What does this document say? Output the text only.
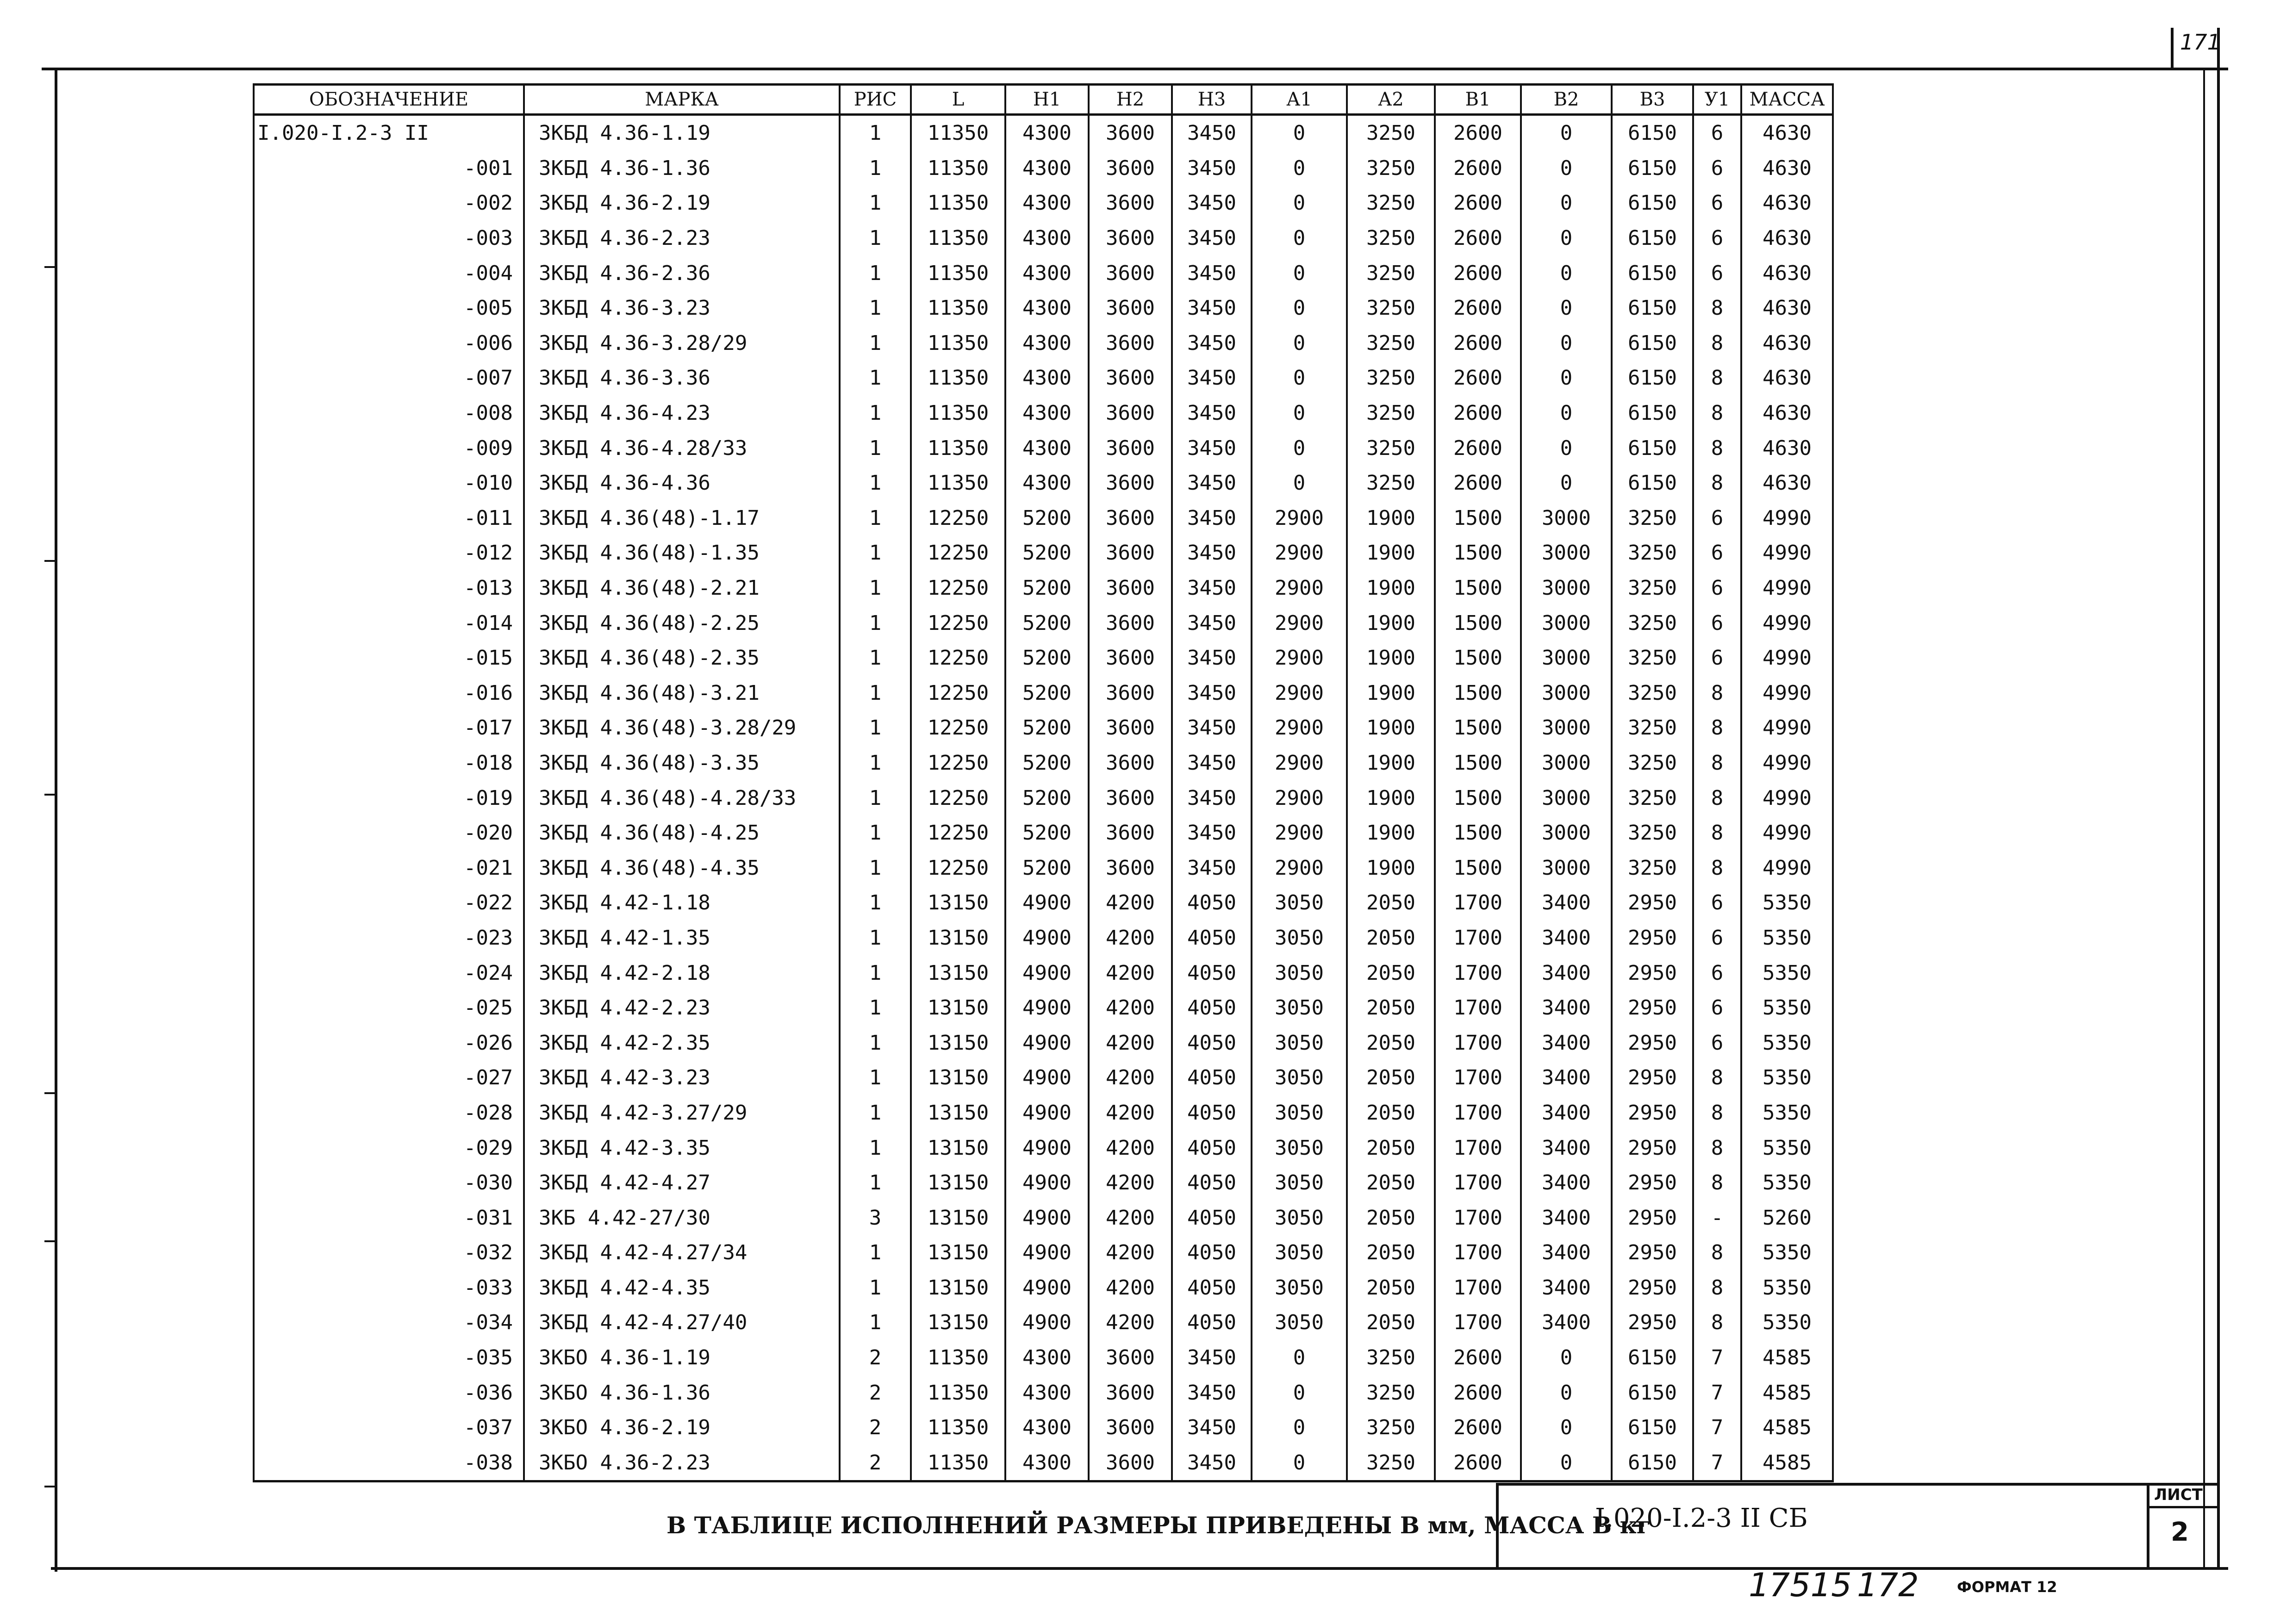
171
ОБОЗНАЧЕНИЕ	МАРКА	РИС	L	Н1	Н2	Н3	А1	А2	В1	В2	В3	У1	МАССА
I.020-I.2-3 II	ЗКБД 4.36-1.19	1	11350	4300	3600	3450	0	3250	2600	0	6150	6	4630
-001	ЗКБД 4.36-1.36	1	11350	4300	3600	3450	0	3250	2600	0	6150	6	4630
-002	ЗКБД 4.36-2.19	1	11350	4300	3600	3450	0	3250	2600	0	6150	6	4630
-003	ЗКБД 4.36-2.23	1	11350	4300	3600	3450	0	3250	2600	0	6150	6	4630
-004	ЗКБД 4.36-2.36	1	11350	4300	3600	3450	0	3250	2600	0	6150	6	4630
-005	ЗКБД 4.36-3.23	1	11350	4300	3600	3450	0	3250	2600	0	6150	8	4630
-006	ЗКБД 4.36-3.28/29	1	11350	4300	3600	3450	0	3250	2600	0	6150	8	4630
-007	ЗКБД 4.36-3.36	1	11350	4300	3600	3450	0	3250	2600	0	6150	8	4630
-008	ЗКБД 4.36-4.23	1	11350	4300	3600	3450	0	3250	2600	0	6150	8	4630
-009	ЗКБД 4.36-4.28/33	1	11350	4300	3600	3450	0	3250	2600	0	6150	8	4630
-010	ЗКБД 4.36-4.36	1	11350	4300	3600	3450	0	3250	2600	0	6150	8	4630
-011	ЗКБД 4.36(48)-1.17	1	12250	5200	3600	3450	2900	1900	1500	3000	3250	6	4990
-012	ЗКБД 4.36(48)-1.35	1	12250	5200	3600	3450	2900	1900	1500	3000	3250	6	4990
-013	ЗКБД 4.36(48)-2.21	1	12250	5200	3600	3450	2900	1900	1500	3000	3250	6	4990
-014	ЗКБД 4.36(48)-2.25	1	12250	5200	3600	3450	2900	1900	1500	3000	3250	6	4990
-015	ЗКБД 4.36(48)-2.35	1	12250	5200	3600	3450	2900	1900	1500	3000	3250	6	4990
-016	ЗКБД 4.36(48)-3.21	1	12250	5200	3600	3450	2900	1900	1500	3000	3250	8	4990
-017	ЗКБД 4.36(48)-3.28/29	1	12250	5200	3600	3450	2900	1900	1500	3000	3250	8	4990
-018	ЗКБД 4.36(48)-3.35	1	12250	5200	3600	3450	2900	1900	1500	3000	3250	8	4990
-019	ЗКБД 4.36(48)-4.28/33	1	12250	5200	3600	3450	2900	1900	1500	3000	3250	8	4990
-020	ЗКБД 4.36(48)-4.25	1	12250	5200	3600	3450	2900	1900	1500	3000	3250	8	4990
-021	ЗКБД 4.36(48)-4.35	1	12250	5200	3600	3450	2900	1900	1500	3000	3250	8	4990
-022	ЗКБД 4.42-1.18	1	13150	4900	4200	4050	3050	2050	1700	3400	2950	6	5350
-023	ЗКБД 4.42-1.35	1	13150	4900	4200	4050	3050	2050	1700	3400	2950	6	5350
-024	ЗКБД 4.42-2.18	1	13150	4900	4200	4050	3050	2050	1700	3400	2950	6	5350
-025	ЗКБД 4.42-2.23	1	13150	4900	4200	4050	3050	2050	1700	3400	2950	6	5350
-026	ЗКБД 4.42-2.35	1	13150	4900	4200	4050	3050	2050	1700	3400	2950	6	5350
-027	ЗКБД 4.42-3.23	1	13150	4900	4200	4050	3050	2050	1700	3400	2950	8	5350
-028	ЗКБД 4.42-3.27/29	1	13150	4900	4200	4050	3050	2050	1700	3400	2950	8	5350
-029	ЗКБД 4.42-3.35	1	13150	4900	4200	4050	3050	2050	1700	3400	2950	8	5350
-030	ЗКБД 4.42-4.27	1	13150	4900	4200	4050	3050	2050	1700	3400	2950	8	5350
-031	ЗКБ 4.42-27/30	3	13150	4900	4200	4050	3050	2050	1700	3400	2950	-	5260
-032	ЗКБД 4.42-4.27/34	1	13150	4900	4200	4050	3050	2050	1700	3400	2950	8	5350
-033	ЗКБД 4.42-4.35	1	13150	4900	4200	4050	3050	2050	1700	3400	2950	8	5350
-034	ЗКБД 4.42-4.27/40	1	13150	4900	4200	4050	3050	2050	1700	3400	2950	8	5350
-035	ЗКБО 4.36-1.19	2	11350	4300	3600	3450	0	3250	2600	0	6150	7	4585
-036	ЗКБО 4.36-1.36	2	11350	4300	3600	3450	0	3250	2600	0	6150	7	4585
-037	ЗКБО 4.36-2.19	2	11350	4300	3600	3450	0	3250	2600	0	6150	7	4585
-038	ЗКБО 4.36-2.23	2	11350	4300	3600	3450	0	3250	2600	0	6150	7	4585
В ТАБЛИЦЕ ИСПОЛНЕНИЙ РАЗМЕРЫ ПРИВЕДЕНЫ В мм, МАССА В кг
I.020-I.2-3 II СБ
ЛИСТ
2
17515 172	ФОРМАТ 12
